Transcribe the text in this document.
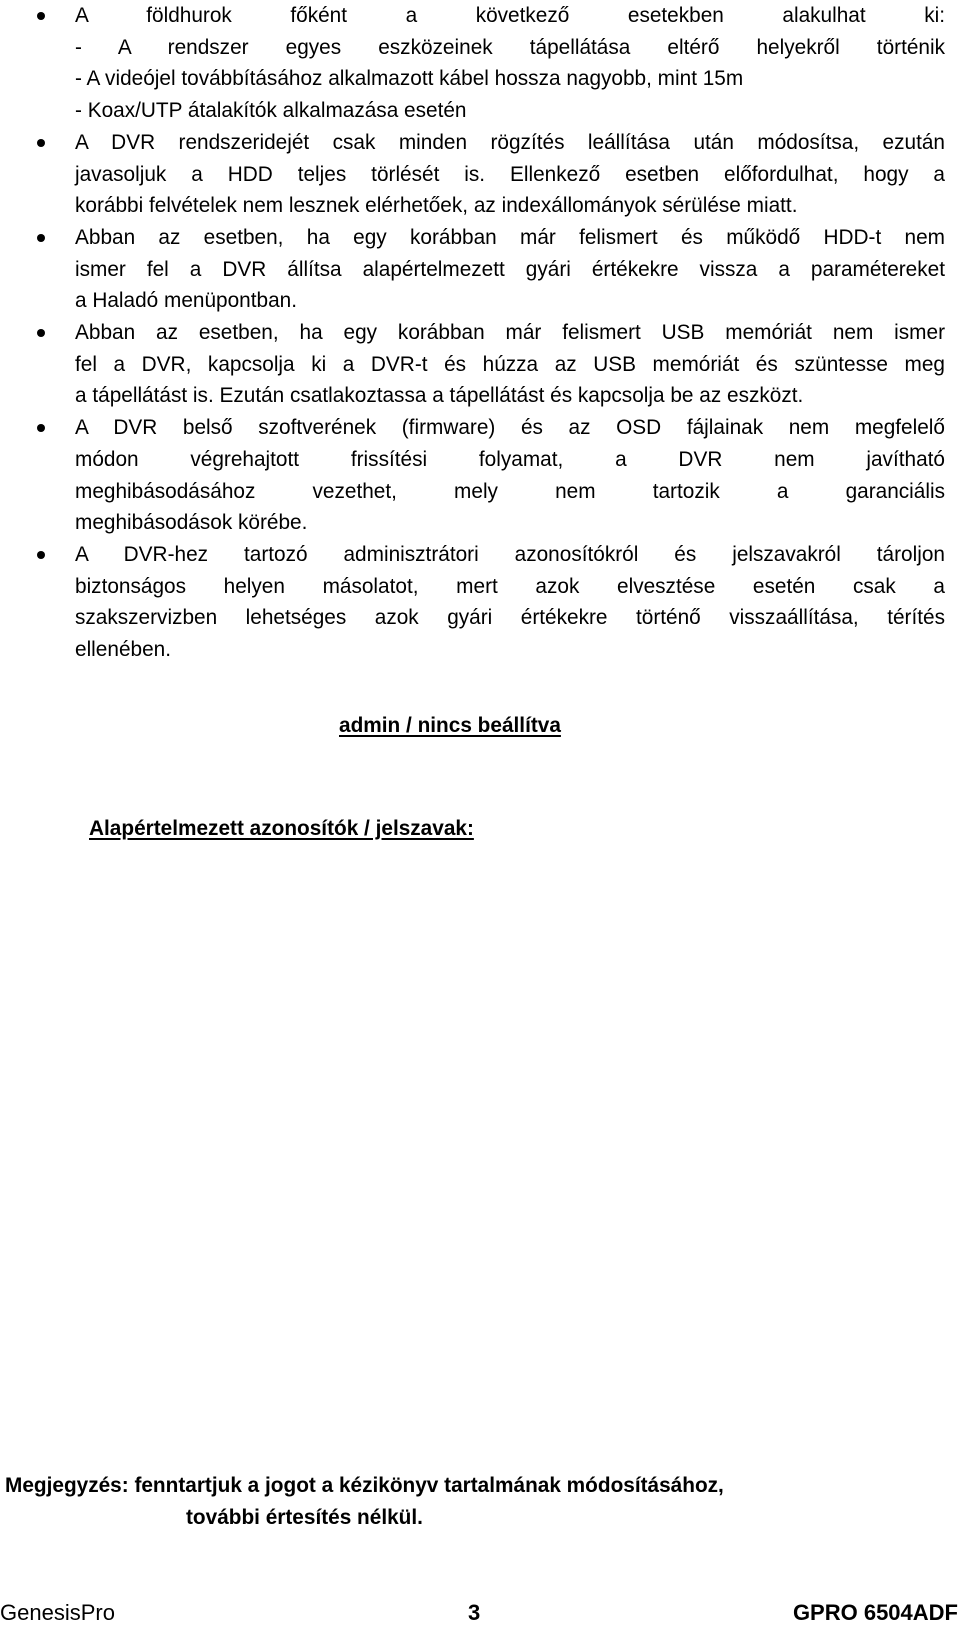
A földhurok főként a következő esetekben alakulhat ki:
- A rendszer egyes eszközeinek tápellátása eltérő helyekről történik
- A videójel továbbításához alkalmazott kábel hossza nagyobb, mint 15m
- Koax/UTP átalakítók alkalmazása esetén
A DVR rendszeridejét csak minden rögzítés leállítása után módosítsa, ezután
javasoljuk a HDD teljes törlését is. Ellenkező esetben előfordulhat, hogy a
korábbi felvételek nem lesznek elérhetőek, az indexállományok sérülése miatt.
Abban az esetben, ha egy korábban már felismert és működő HDD-t nem
ismer fel a DVR állítsa alapértelmezett gyári értékekre vissza a paramétereket
a Haladó menüpontban.
Abban az esetben, ha egy korábban már felismert USB memóriát nem ismer
fel a DVR, kapcsolja ki a DVR-t és húzza az USB memóriát és szüntesse meg
a tápellátást is. Ezután csatlakoztassa a tápellátást és kapcsolja be az eszközt.
A DVR belső szoftverének (firmware) és az OSD fájlainak nem megfelelő
módon végrehajtott frissítési folyamat, a DVR nem javítható
meghibásodásához vezethet, mely nem tartozik a garanciális
meghibásodások körébe.
A DVR-hez tartozó adminisztrátori azonosítókról és jelszavakról tároljon
biztonságos helyen másolatot, mert azok elvesztése esetén csak a
szakszervizben lehetséges azok gyári értékekre történő visszaállítása, térítés
ellenében.
Alapértelmezett azonosítók / jelszavak:
admin / nincs beállítva
Megjegyzés: fenntartjuk a jogot a kézikönyv tartalmának módosításához,
további értesítés nélkül.
GenesisPro	3	GPRO 6504ADF
